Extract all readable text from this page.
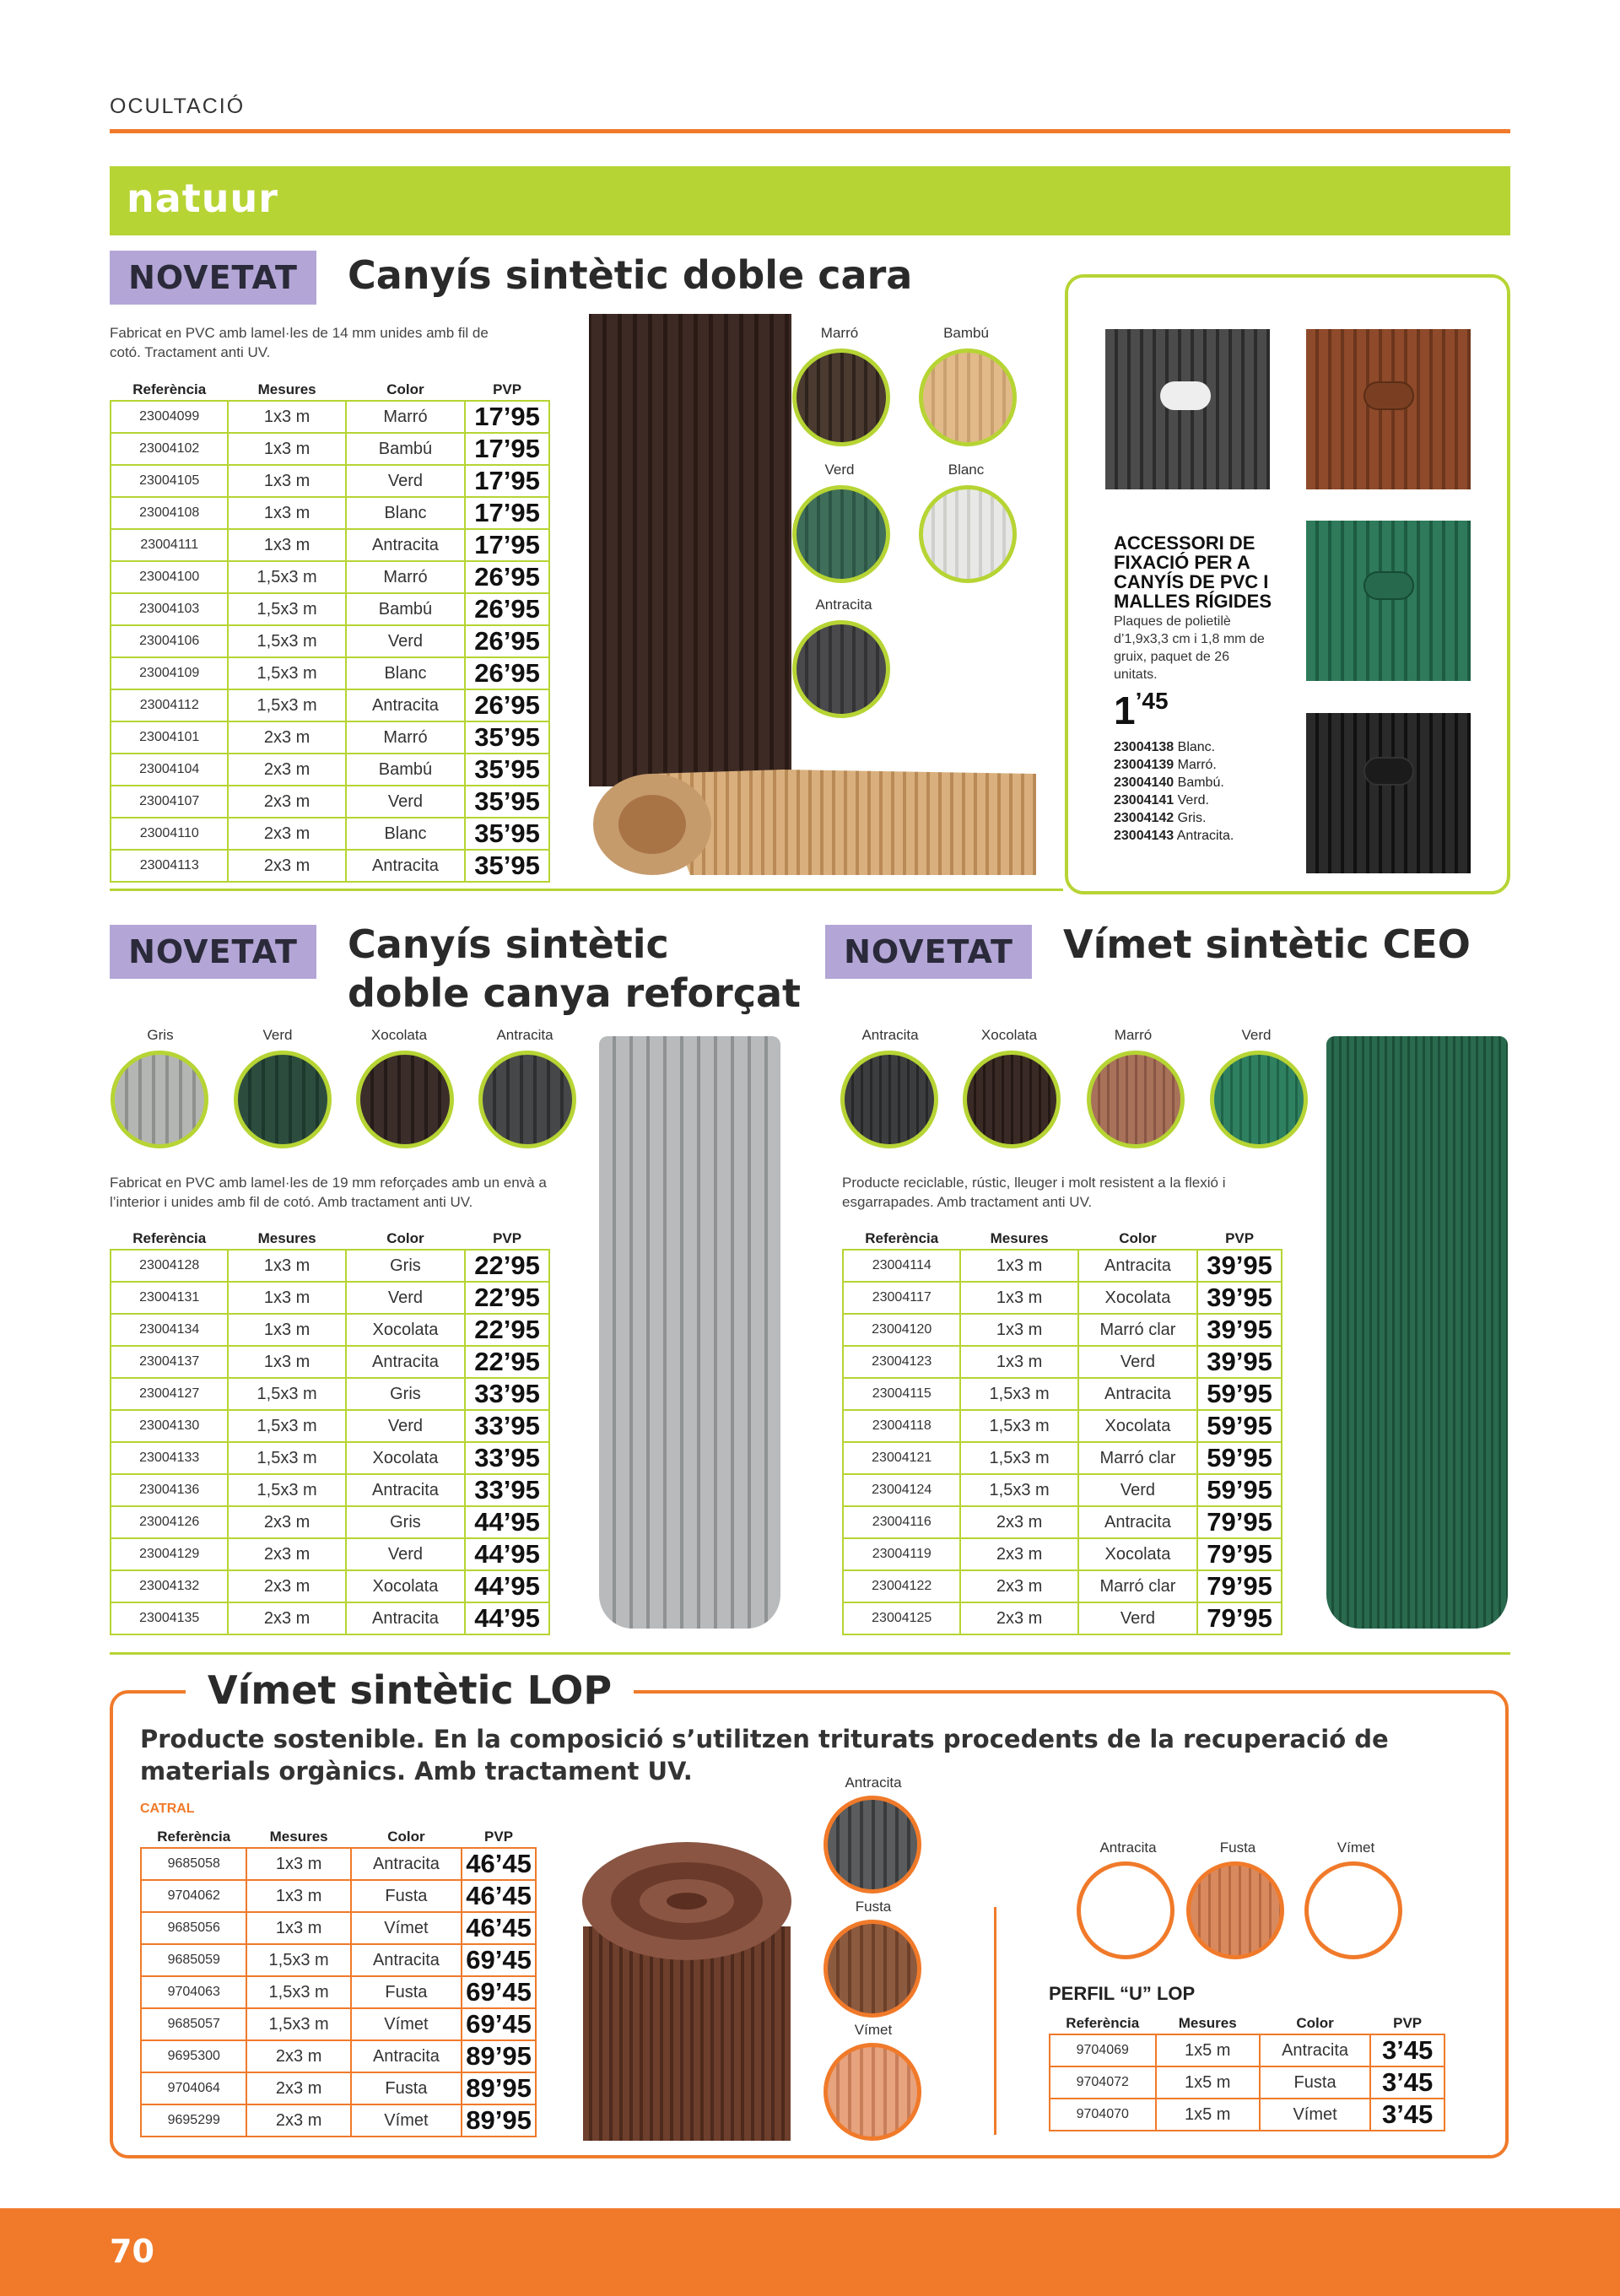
OCULTACIÓ
natuur
NOVETAT	Canyís sintètic doble cara
Fabricat en PVC amb lamel·les de 14 mm unides amb fil de cotó. Tractament anti UV.
Referència	Mesures	Color	PVP
23004099	1x3 m	Marró	17’95
23004102	1x3 m	Bambú	17’95
23004105	1x3 m	Verd	17’95
23004108	1x3 m	Blanc	17’95
23004111	1x3 m	Antracita	17’95
23004100	1,5x3 m	Marró	26’95
23004103	1,5x3 m	Bambú	26’95
23004106	1,5x3 m	Verd	26’95
23004109	1,5x3 m	Blanc	26’95
23004112	1,5x3 m	Antracita	26’95
23004101	2x3 m	Marró	35’95
23004104	2x3 m	Bambú	35’95
23004107	2x3 m	Verd	35’95
23004110	2x3 m	Blanc	35’95
23004113	2x3 m	Antracita	35’95
Marró	Bambú
Verd	Blanc
Antracita
ACCESSORI DE FIXACIÓ PER A CANYÍS DE PVC I MALLES RÍGIDES
Plaques de polietilè d’1,9x3,3 cm i 1,8 mm de gruix, paquet de 26 unitats.
$1^{’45}$
23004138 Blanc.
23004139 Marró.
23004140 Bambú.
23004141 Verd.
23004142 Gris.
23004143 Antracita.
NOVETAT	Canyís sintètic
doble canya reforçat
Gris	Verd	Xocolata	Antracita
Fabricat en PVC amb lamel·les de 19 mm reforçades amb un envà a l’interior i unides amb fil de cotó. Amb tractament anti UV.
Referència	Mesures	Color	PVP
23004128	1x3 m	Gris	22’95
23004131	1x3 m	Verd	22’95
23004134	1x3 m	Xocolata	22’95
23004137	1x3 m	Antracita	22’95
23004127	1,5x3 m	Gris	33’95
23004130	1,5x3 m	Verd	33’95
23004133	1,5x3 m	Xocolata	33’95
23004136	1,5x3 m	Antracita	33’95
23004126	2x3 m	Gris	44’95
23004129	2x3 m	Verd	44’95
23004132	2x3 m	Xocolata	44’95
23004135	2x3 m	Antracita	44’95
NOVETAT	Vímet sintètic CEO
Antracita	Xocolata	Marró	Verd
Producte reciclable, rústic, lleuger i molt resistent a la flexió i esgarrapades. Amb tractament anti UV.
Referència	Mesures	Color	PVP
23004114	1x3 m	Antracita	39’95
23004117	1x3 m	Xocolata	39’95
23004120	1x3 m	Marró clar	39’95
23004123	1x3 m	Verd	39’95
23004115	1,5x3 m	Antracita	59’95
23004118	1,5x3 m	Xocolata	59’95
23004121	1,5x3 m	Marró clar	59’95
23004124	1,5x3 m	Verd	59’95
23004116	2x3 m	Antracita	79’95
23004119	2x3 m	Xocolata	79’95
23004122	2x3 m	Marró clar	79’95
23004125	2x3 m	Verd	79’95
Vímet sintètic LOP
Producte sostenible. En la composició s’utilitzen triturats procedents de la recuperació de materials orgànics. Amb tractament UV.
CATRAL
Referència	Mesures	Color	PVP
9685058	1x3 m	Antracita	46’45
9704062	1x3 m	Fusta	46’45
9685056	1x3 m	Vímet	46’45
9685059	1,5x3 m	Antracita	69’45
9704063	1,5x3 m	Fusta	69’45
9685057	1,5x3 m	Vímet	69’45
9695300	2x3 m	Antracita	89’95
9704064	2x3 m	Fusta	89’95
9695299	2x3 m	Vímet	89’95
Antracita
Fusta
Vímet
Antracita	Fusta	Vímet
PERFIL “U” LOP
Referència	Mesures	Color	PVP
9704069	1x5 m	Antracita	3’45
9704072	1x5 m	Fusta	3’45
9704070	1x5 m	Vímet	3’45
70
